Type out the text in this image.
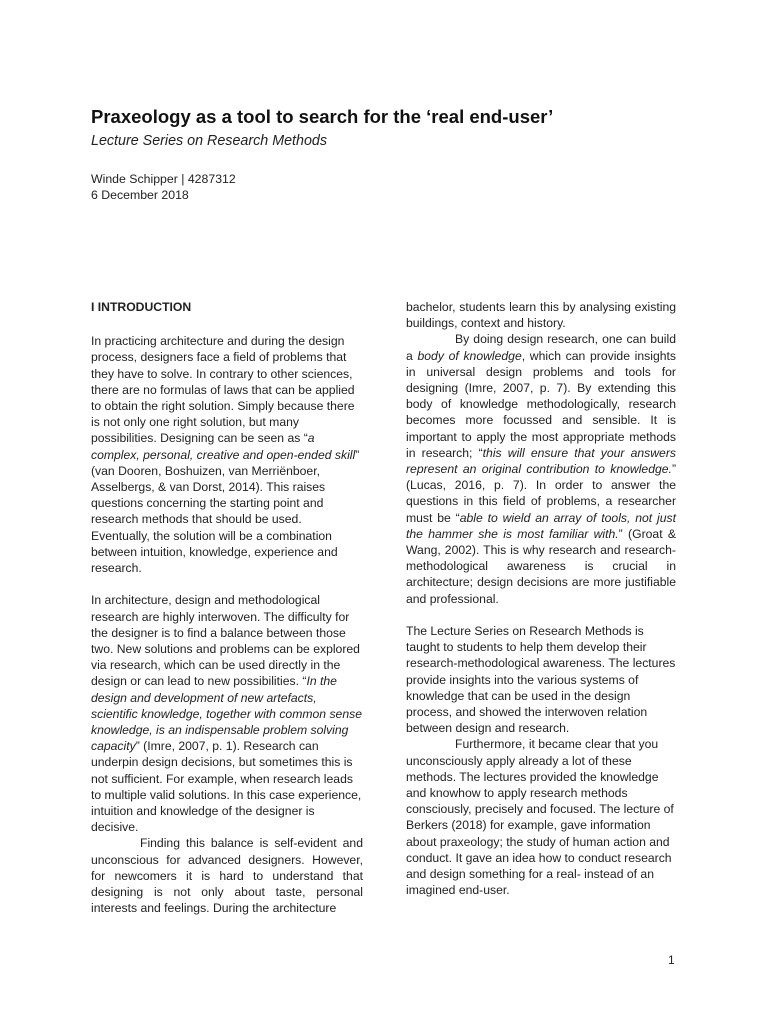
Praxeology as a tool to search for the ‘real end-user’
Lecture Series on Research Methods
Winde Schipper | 4287312
6 December 2018

I INTRODUCTION

In practicing architecture and during the design process, designers face a field of problems that they have to solve. In contrary to other sciences, there are no formulas of laws that can be applied to obtain the right solution. Simply because there is not only one right solution, but many possibilities. Designing can be seen as “a complex, personal, creative and open-ended skill” (van Dooren, Boshuizen, van Merriënboer, Asselbergs, & van Dorst, 2014). This raises questions concerning the starting point and research methods that should be used. Eventually, the solution will be a combination between intuition, knowledge, experience and research.

In architecture, design and methodological research are highly interwoven. The difficulty for the designer is to find a balance between those two. New solutions and problems can be explored via research, which can be used directly in the design or can lead to new possibilities. “In the design and development of new artefacts, scientific knowledge, together with common sense knowledge, is an indispensable problem solving capacity” (Imre, 2007, p. 1). Research can underpin design decisions, but sometimes this is not sufficient. For example, when research leads to multiple valid solutions. In this case experience, intuition and knowledge of the designer is decisive.

Finding this balance is self-evident and unconscious for advanced designers. However, for newcomers it is hard to understand that designing is not only about taste, personal interests and feelings. During the architecture

bachelor, students learn this by analysing existing buildings, context and history.

By doing design research, one can build a body of knowledge, which can provide insights in universal design problems and tools for designing (Imre, 2007, p. 7). By extending this body of knowledge methodologically, research becomes more focussed and sensible. It is important to apply the most appropriate methods in research; “this will ensure that your answers represent an original contribution to knowledge.” (Lucas, 2016, p. 7). In order to answer the questions in this field of problems, a researcher must be “able to wield an array of tools, not just the hammer she is most familiar with.” (Groat & Wang, 2002). This is why research and research-methodological awareness is crucial in architecture; design decisions are more justifiable and professional.

The Lecture Series on Research Methods is taught to students to help them develop their research-methodological awareness. The lectures provide insights into the various systems of knowledge that can be used in the design process, and showed the interwoven relation between design and research.

Furthermore, it became clear that you unconsciously apply already a lot of these methods. The lectures provided the knowledge and knowhow to apply research methods consciously, precisely and focused. The lecture of Berkers (2018) for example, gave information about praxeology; the study of human action and conduct. It gave an idea how to conduct research and design something for a real- instead of an imagined end-user.

1
